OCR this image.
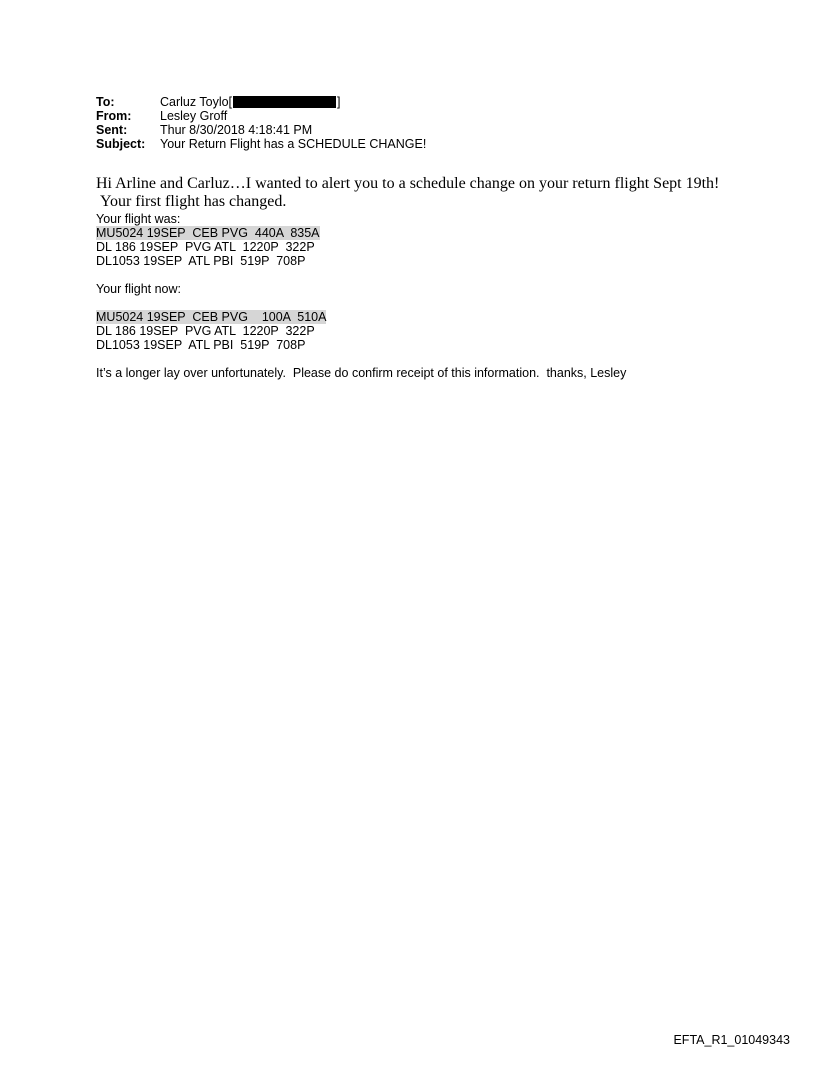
To:	Carluz Toylo[	]
From:	Lesley Groff
Sent:	Thur 8/30/2018 4:18:41 PM
Subject:	Your Return Flight has a SCHEDULE CHANGE!
Hi Arline and Carluz…I wanted to alert you to a schedule change on your return flight Sept 19th!
Your first flight has changed.
Your flight was:
MU5024 19SEP  CEB PVG  440A  835A
DL 186 19SEP  PVG ATL  1220P  322P
DL1053 19SEP  ATL PBI  519P  708P
Your flight now:
MU5024 19SEP  CEB PVG    100A  510A
DL 186 19SEP  PVG ATL  1220P  322P
DL1053 19SEP  ATL PBI  519P  708P
It’s a longer lay over unfortunately.  Please do confirm receipt of this information.  thanks, Lesley
EFTA_R1_01049343
